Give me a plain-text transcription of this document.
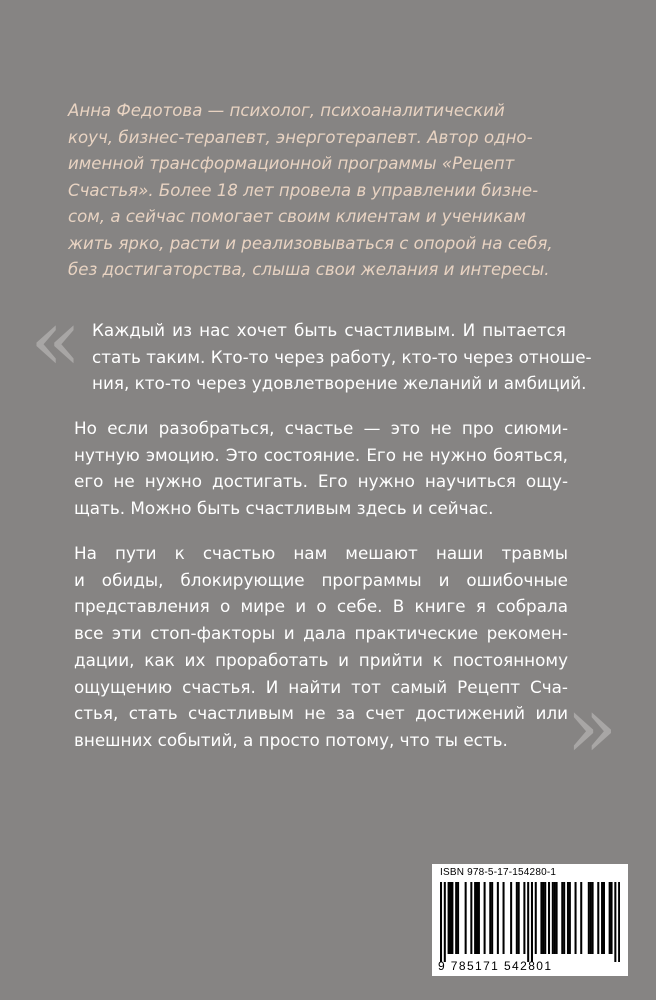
Анна Федотова — психолог, психоаналитический
коуч, бизнес-терапевт, энерготерапевт. Автор одно-
именной трансформационной программы «Рецепт
Счастья». Более 18 лет провела в управлении бизне-
сом, а сейчас помогает своим клиентам и ученикам
жить ярко, расти и реализовываться с опорой на себя,
без достигаторства, слыша свои желания и интересы.
« Каждый из нас хочет быть счастливым. И пытается
стать таким. Кто-то через работу, кто-то через отноше-
ния, кто-то через удовлетворение желаний и амбиций.
Но если разобраться, счастье — это не про сиюми-
нутную эмоцию. Это состояние. Его не нужно бояться,
его не нужно достигать. Его нужно научиться ощу-
щать. Можно быть счастливым здесь и сейчас.
На пути к счастью нам мешают наши травмы
и обиды, блокирующие программы и ошибочные
представления о мире и о себе. В книге я собрала
все эти стоп-факторы и дала практические рекомен-
дации, как их проработать и прийти к постоянному
ощущению счастья. И найти тот самый Рецепт Сча-
стья, стать счастливым не за счет достижений или
внешних событий, а просто потому, что ты есть. »
ISBN 978-5-17-154280-1
9 785171 542801
